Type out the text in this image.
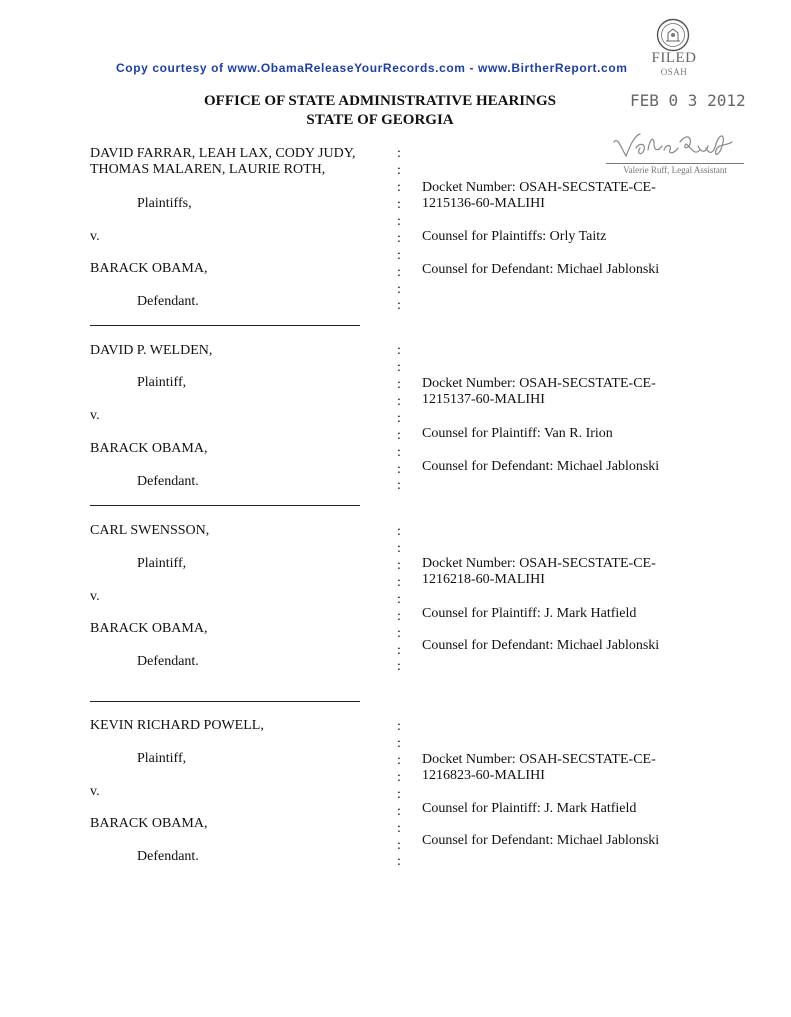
Copy courtesy of www.ObamaReleaseYourRecords.com - www.BirtherReport.com
OFFICE OF STATE ADMINISTRATIVE HEARINGS
STATE OF GEORGIA
FILED
OSAH
FEB 0 3 2012
Valerie Ruff, Legal Assistant
DAVID FARRAR, LEAH LAX, CODY JUDY,
THOMAS MALAREN, LAURIE ROTH,
Plaintiffs,
v.
BARACK OBAMA,
Defendant.
Docket Number: OSAH-SECSTATE-CE-
1215136-60-MALIHI
Counsel for Plaintiffs: Orly Taitz
Counsel for Defendant: Michael Jablonski
:
:
:
:
:
:
:
:
:
:
DAVID P. WELDEN,
Plaintiff,
v.
BARACK OBAMA,
Defendant.
Docket Number: OSAH-SECSTATE-CE-
1215137-60-MALIHI
Counsel for Plaintiff: Van R. Irion
Counsel for Defendant: Michael Jablonski
:
:
:
:
:
:
:
:
:
CARL SWENSSON,
Plaintiff,
v.
BARACK OBAMA,
Defendant.
Docket Number: OSAH-SECSTATE-CE-
1216218-60-MALIHI
Counsel for Plaintiff: J. Mark Hatfield
Counsel for Defendant: Michael Jablonski
:
:
:
:
:
:
:
:
:
KEVIN RICHARD POWELL,
Plaintiff,
v.
BARACK OBAMA,
Defendant.
Docket Number: OSAH-SECSTATE-CE-
1216823-60-MALIHI
Counsel for Plaintiff: J. Mark Hatfield
Counsel for Defendant: Michael Jablonski
:
:
:
:
:
:
:
:
:
